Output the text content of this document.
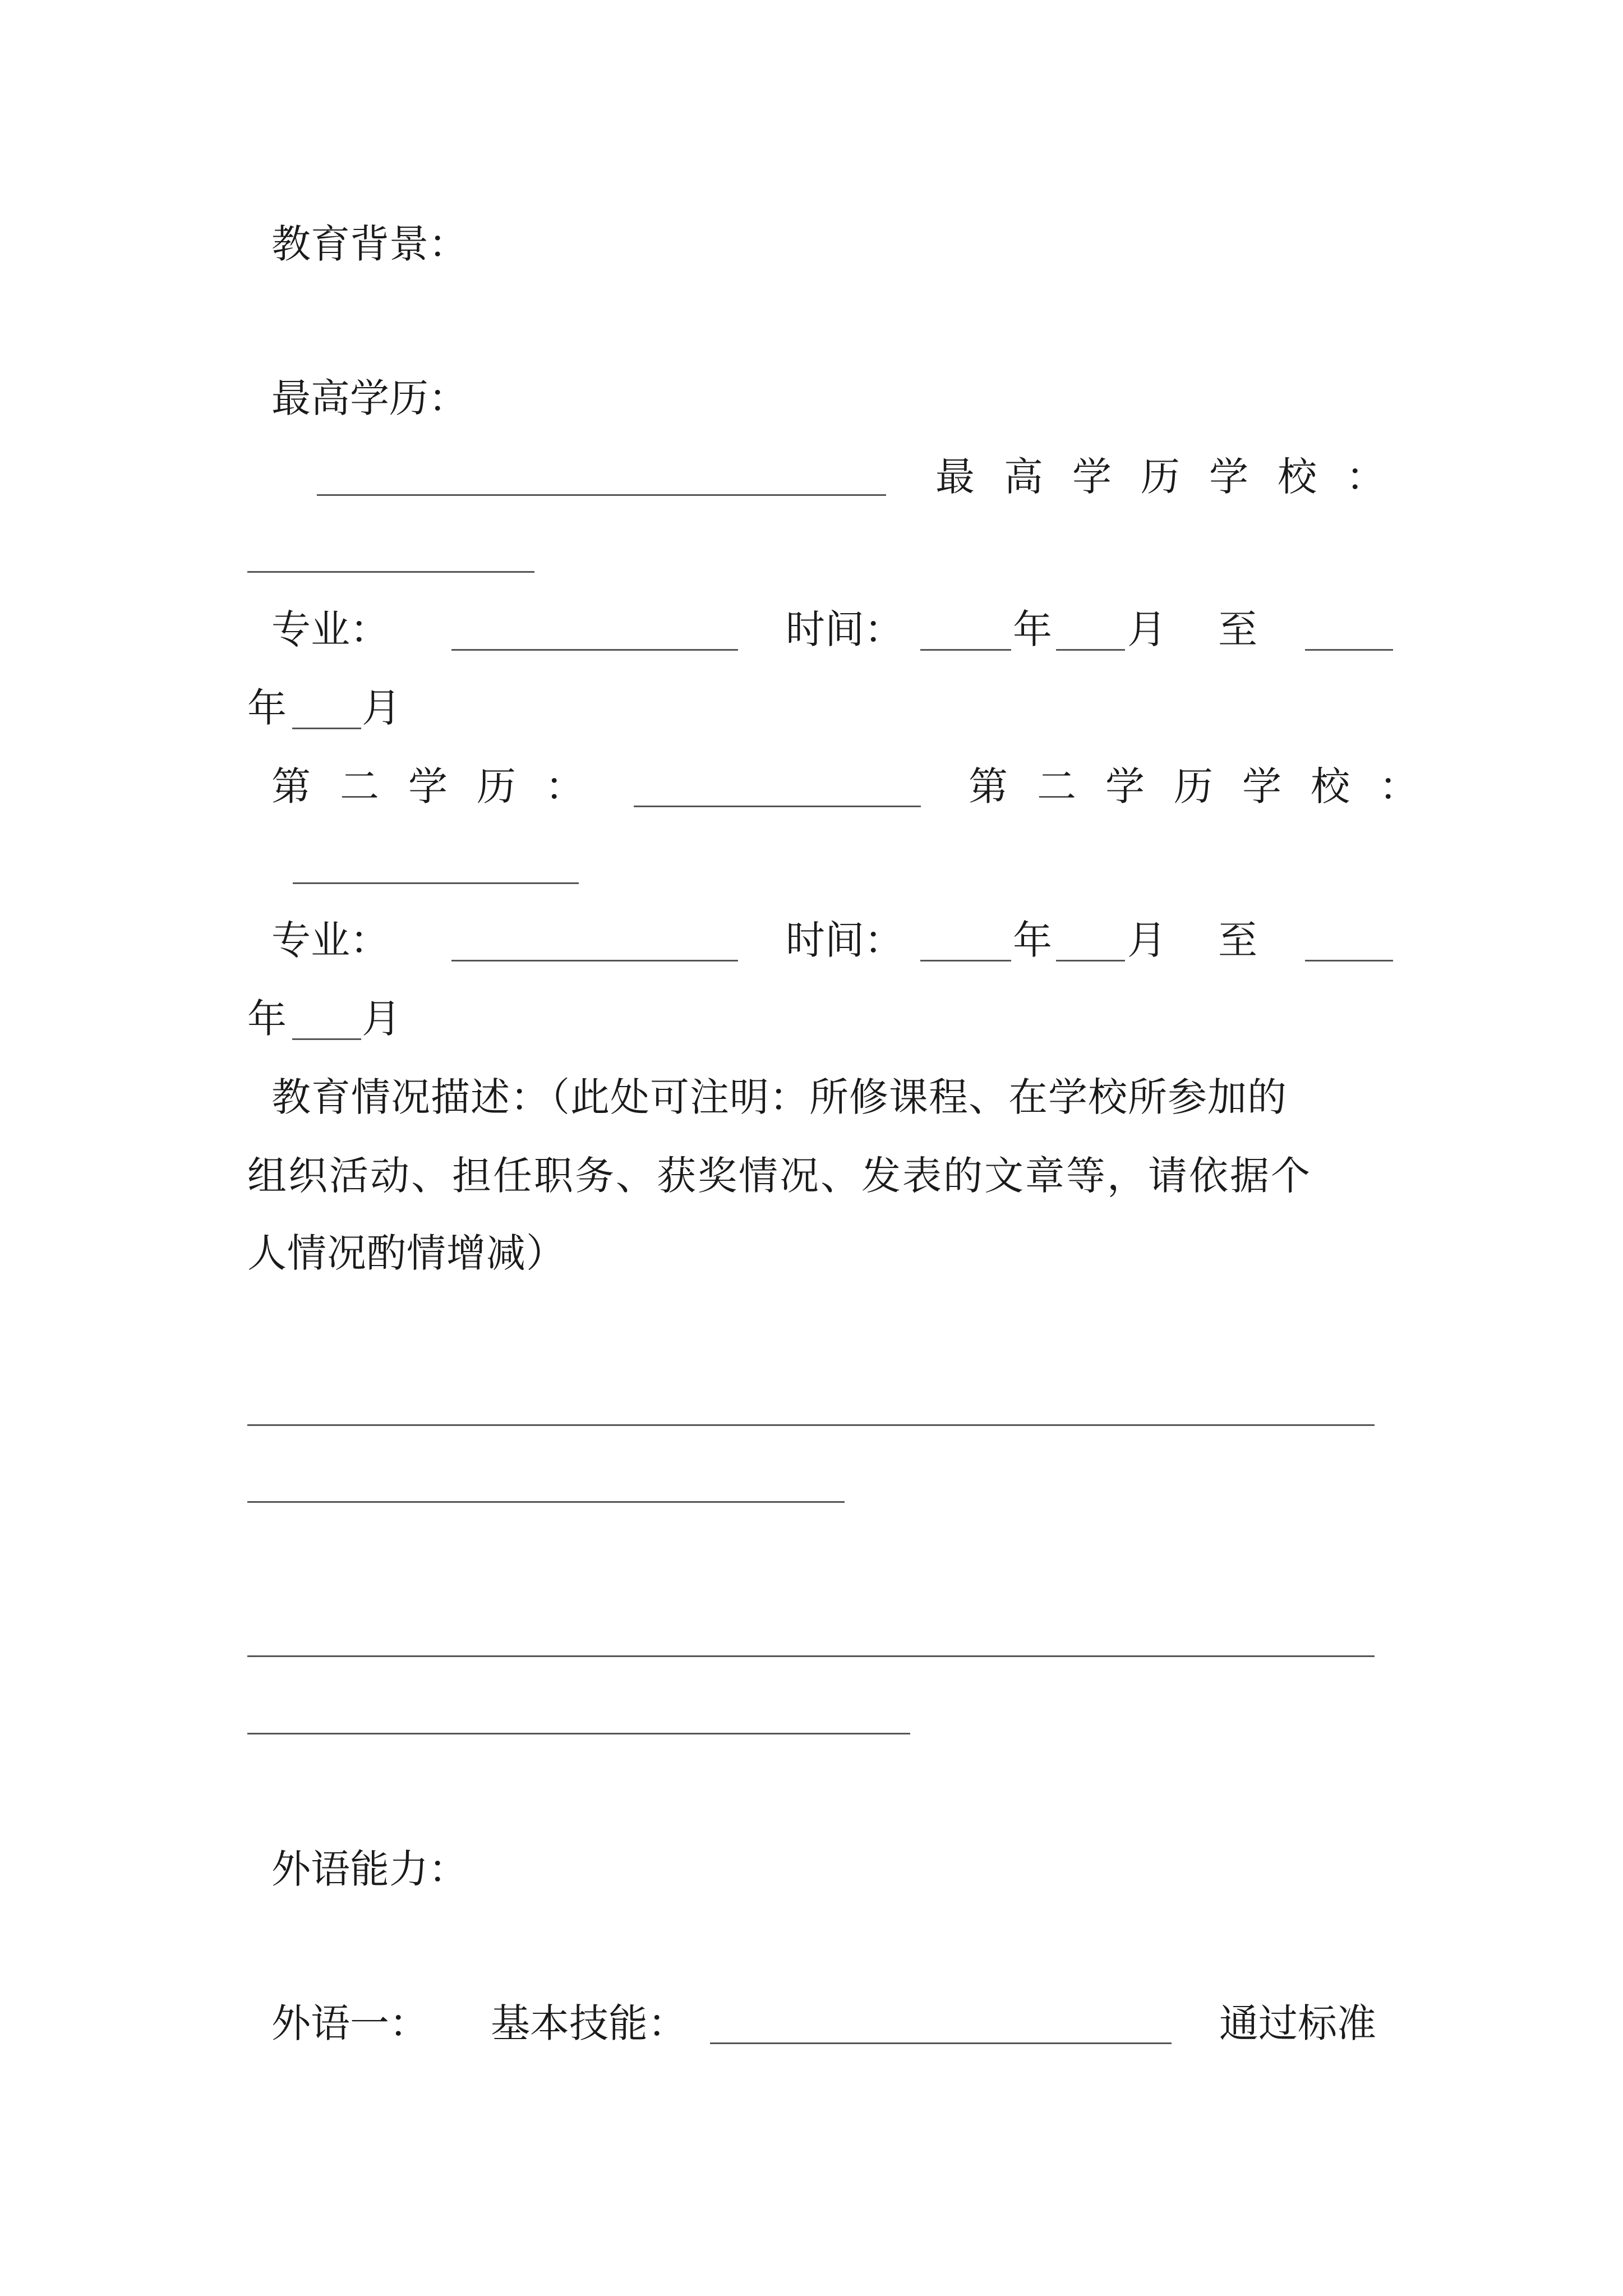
教育背景：
最高学历：
最高学历学校：
专业：	时间：	年 月 至
年 月
第二学历：	第二学历学校：
专业：	时间：	年 月 至
年 月
教育情况描述：（此处可注明：所修课程、在学校所参加的
组织活动、担任职务、获奖情况、发表的文章等，请依据个
人情况酌情增减）
外语能力：
外语一： 基本技能：	通过标准
